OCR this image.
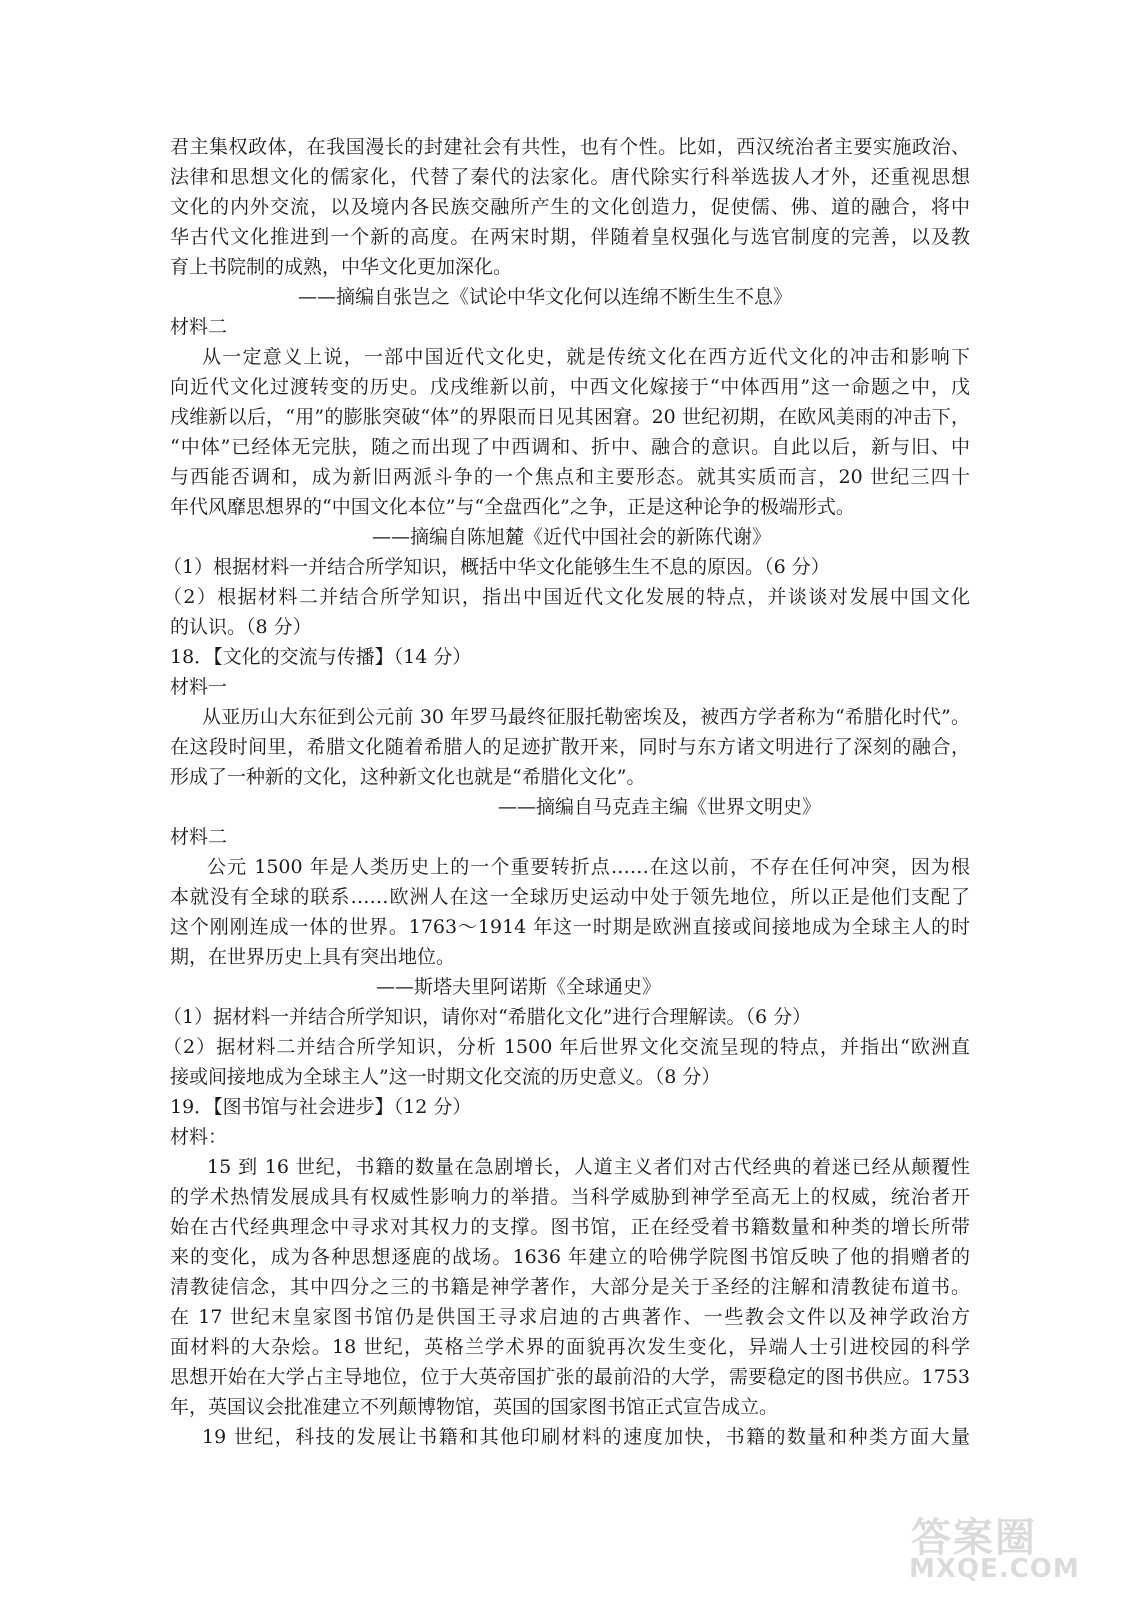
君主集权政体，在我国漫长的封建社会有共性，也有个性。比如，西汉统治者主要实施政治、
法律和思想文化的儒家化，代替了秦代的法家化。唐代除实行科举选拔人才外，还重视思想
文化的内外交流，以及境内各民族交融所产生的文化创造力，促使儒、佛、道的融合，将中
华古代文化推进到一个新的高度。在两宋时期，伴随着皇权强化与选官制度的完善，以及教
育上书院制的成熟，中华文化更加深化。
——摘编自张岂之《试论中华文化何以连绵不断生生不息》
材料二
从一定意义上说，一部中国近代文化史，就是传统文化在西方近代文化的冲击和影响下
向近代文化过渡转变的历史。戊戌维新以前，中西文化嫁接于“中体西用”这一命题之中，戊
戌维新以后，“用”的膨胀突破“体”的界限而日见其困窘。20 世纪初期，在欧风美雨的冲击下，
“中体”已经体无完肤，随之而出现了中西调和、折中、融合的意识。自此以后，新与旧、中
与西能否调和，成为新旧两派斗争的一个焦点和主要形态。就其实质而言，20 世纪三四十
年代风靡思想界的“中国文化本位”与“全盘西化”之争，正是这种论争的极端形式。
——摘编自陈旭麓《近代中国社会的新陈代谢》
（1）根据材料一并结合所学知识，概括中华文化能够生生不息的原因。（6 分）
（2）根据材料二并结合所学知识，指出中国近代文化发展的特点，并谈谈对发展中国文化
的认识。（8 分）
18．【文化的交流与传播】（14 分）
材料一
从亚历山大东征到公元前 30 年罗马最终征服托勒密埃及，被西方学者称为“希腊化时代”。
在这段时间里，希腊文化随着希腊人的足迹扩散开来，同时与东方诸文明进行了深刻的融合，
形成了一种新的文化，这种新文化也就是“希腊化文化”。
——摘编自马克垚主编《世界文明史》
材料二
公元 1500 年是人类历史上的一个重要转折点……在这以前，不存在任何冲突，因为根
本就没有全球的联系……欧洲人在这一全球历史运动中处于领先地位，所以正是他们支配了
这个刚刚连成一体的世界。1763～1914 年这一时期是欧洲直接或间接地成为全球主人的时
期，在世界历史上具有突出地位。
——斯塔夫里阿诺斯《全球通史》
（1）据材料一并结合所学知识，请你对“希腊化文化”进行合理解读。（6 分）
（2）据材料二并结合所学知识，分析 1500 年后世界文化交流呈现的特点，并指出“欧洲直
接或间接地成为全球主人”这一时期文化交流的历史意义。（8 分）
19．【图书馆与社会进步】（12 分）
材料：
15 到 16 世纪，书籍的数量在急剧增长，人道主义者们对古代经典的着迷已经从颠覆性
的学术热情发展成具有权威性影响力的举措。当科学威胁到神学至高无上的权威，统治者开
始在古代经典理念中寻求对其权力的支撑。图书馆，正在经受着书籍数量和种类的增长所带
来的变化，成为各种思想逐鹿的战场。1636 年建立的哈佛学院图书馆反映了他的捐赠者的
清教徒信念，其中四分之三的书籍是神学著作，大部分是关于圣经的注解和清教徒布道书。
在 17 世纪末皇家图书馆仍是供国王寻求启迪的古典著作、一些教会文件以及神学政治方
面材料的大杂烩。18 世纪，英格兰学术界的面貌再次发生变化，异端人士引进校园的科学
思想开始在大学占主导地位，位于大英帝国扩张的最前沿的大学，需要稳定的图书供应。1753
年，英国议会批准建立不列颠博物馆，英国的国家图书馆正式宣告成立。
19 世纪，科技的发展让书籍和其他印刷材料的速度加快，书籍的数量和种类方面大量
答案圈
MXQE.COM
